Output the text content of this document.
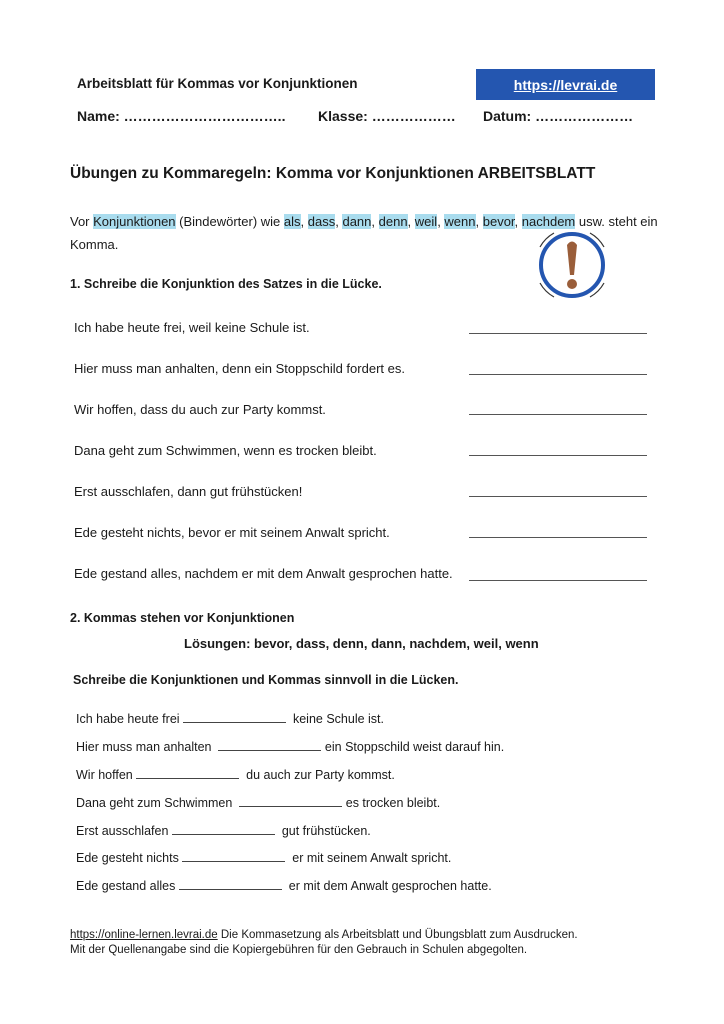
Arbeitsblatt für Kommas vor Konjunktionen	https://levrai.de
Name: …………………………….. Klasse: ……………… Datum: …………………
Übungen zu Kommaregeln: Komma vor Konjunktionen ARBEITSBLATT
Vor Konjunktionen (Bindewörter) wie als, dass, dann, denn, weil, wenn, bevor, nachdem usw. steht ein Komma.
1. Schreibe die Konjunktion des Satzes in die Lücke.
Ich habe heute frei, weil keine Schule ist.
Hier muss man anhalten, denn ein Stoppschild fordert es.
Wir hoffen, dass du auch zur Party kommst.
Dana geht zum Schwimmen, wenn es trocken bleibt.
Erst ausschlafen, dann gut frühstücken!
Ede gesteht nichts, bevor er mit seinem Anwalt spricht.
Ede gestand alles, nachdem er mit dem Anwalt gesprochen hatte.
2. Kommas stehen vor Konjunktionen
Lösungen: bevor, dass, denn, dann, nachdem, weil, wenn
Schreibe die Konjunktionen und Kommas sinnvoll in die Lücken.
Ich habe heute frei	keine Schule ist.
Hier muss man anhalten	ein Stoppschild weist darauf hin.
Wir hoffen	du auch zur Party kommst.
Dana geht zum Schwimmen	es trocken bleibt.
Erst ausschlafen	gut frühstücken.
Ede gesteht nichts	er mit seinem Anwalt spricht.
Ede gestand alles	er mit dem Anwalt gesprochen hatte.
https://online-lernen.levrai.de Die Kommasetzung als Arbeitsblatt und Übungsblatt zum Ausdrucken.
Mit der Quellenangabe sind die Kopiergebühren für den Gebrauch in Schulen abgegolten.
